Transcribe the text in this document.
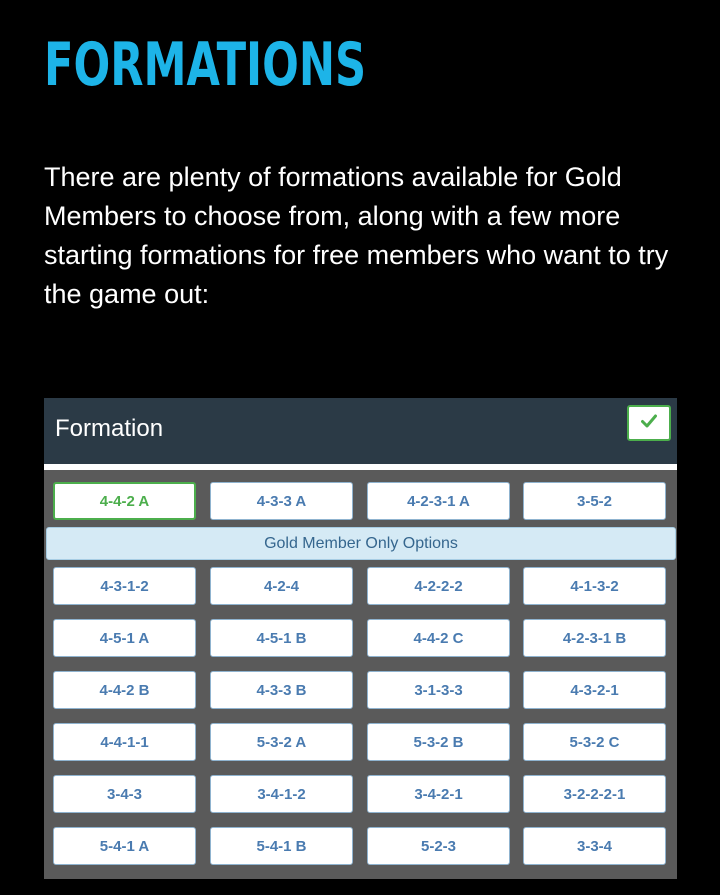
FORMATIONS

There are plenty of formations available for Gold Members to choose from, along with a few more starting formations for free members who want to try the game out:

Formation
4-4-2 A	4-3-3 A	4-2-3-1 A	3-5-2
Gold Member Only Options
4-3-1-2	4-2-4	4-2-2-2	4-1-3-2
4-5-1 A	4-5-1 B	4-4-2 C	4-2-3-1 B
4-4-2 B	4-3-3 B	3-1-3-3	4-3-2-1
4-4-1-1	5-3-2 A	5-3-2 B	5-3-2 C
3-4-3	3-4-1-2	3-4-2-1	3-2-2-2-1
5-4-1 A	5-4-1 B	5-2-3	3-3-4
